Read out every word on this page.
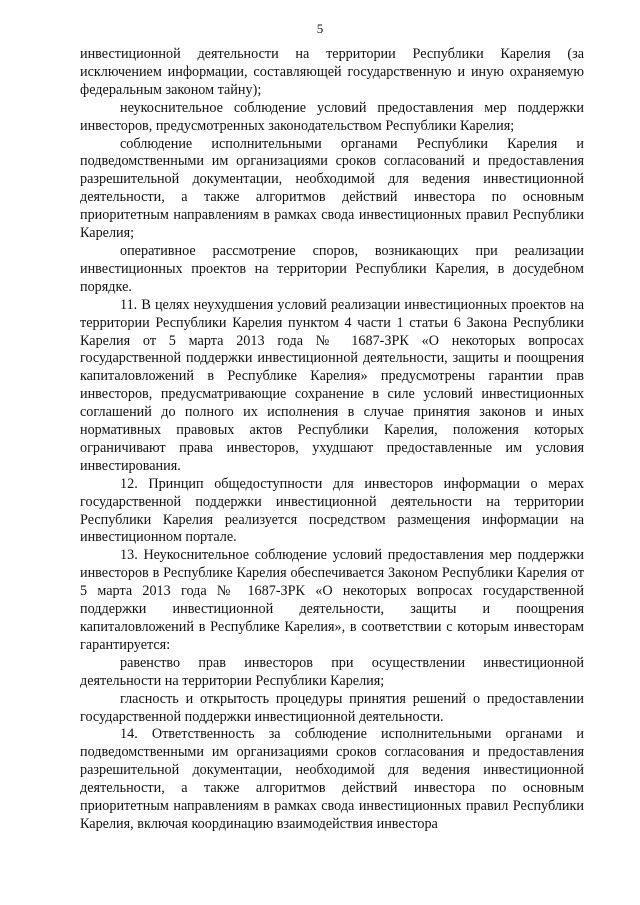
5

инвестиционной деятельности на территории Республики Карелия (за исключением информации, составляющей государственную и иную охраняемую федеральным законом тайну);

неукоснительное соблюдение условий предоставления мер поддержки инвесторов, предусмотренных законодательством Республики Карелия;

соблюдение исполнительными органами Республики Карелия и подведомственными им организациями сроков согласований и предоставления разрешительной документации, необходимой для ведения инвестиционной деятельности, а также алгоритмов действий инвестора по основным приоритетным направлениям в рамках свода инвестиционных правил Республики Карелия;

оперативное рассмотрение споров, возникающих при реализации инвестиционных проектов на территории Республики Карелия, в досудебном порядке.

11. В целях неухудшения условий реализации инвестиционных проектов на территории Республики Карелия пунктом 4 части 1 статьи 6 Закона Республики Карелия от 5 марта 2013 года № 1687-ЗРК «О некоторых вопросах государственной поддержки инвестиционной деятельности, защиты и поощрения капиталовложений в Республике Карелия» предусмотрены гарантии прав инвесторов, предусматривающие сохранение в силе условий инвестиционных соглашений до полного их исполнения в случае принятия законов и иных нормативных правовых актов Республики Карелия, положения которых ограничивают права инвесторов, ухудшают предоставленные им условия инвестирования.

12. Принцип общедоступности для инвесторов информации о мерах государственной поддержки инвестиционной деятельности на территории Республики Карелия реализуется посредством размещения информации на инвестиционном портале.

13. Неукоснительное соблюдение условий предоставления мер поддержки инвесторов в Республике Карелия обеспечивается Законом Республики Карелия от 5 марта 2013 года № 1687-ЗРК «О некоторых вопросах государственной поддержки инвестиционной деятельности, защиты и поощрения капиталовложений в Республике Карелия», в соответствии с которым инвесторам гарантируется:

равенство прав инвесторов при осуществлении инвестиционной деятельности на территории Республики Карелия;

гласность и открытость процедуры принятия решений о предоставлении государственной поддержки инвестиционной деятельности.

14. Ответственность за соблюдение исполнительными органами и подведомственными им организациями сроков согласования и предоставления разрешительной документации, необходимой для ведения инвестиционной деятельности, а также алгоритмов действий инвестора по основным приоритетным направлениям в рамках свода инвестиционных правил Республики Карелия, включая координацию взаимодействия инвестора
